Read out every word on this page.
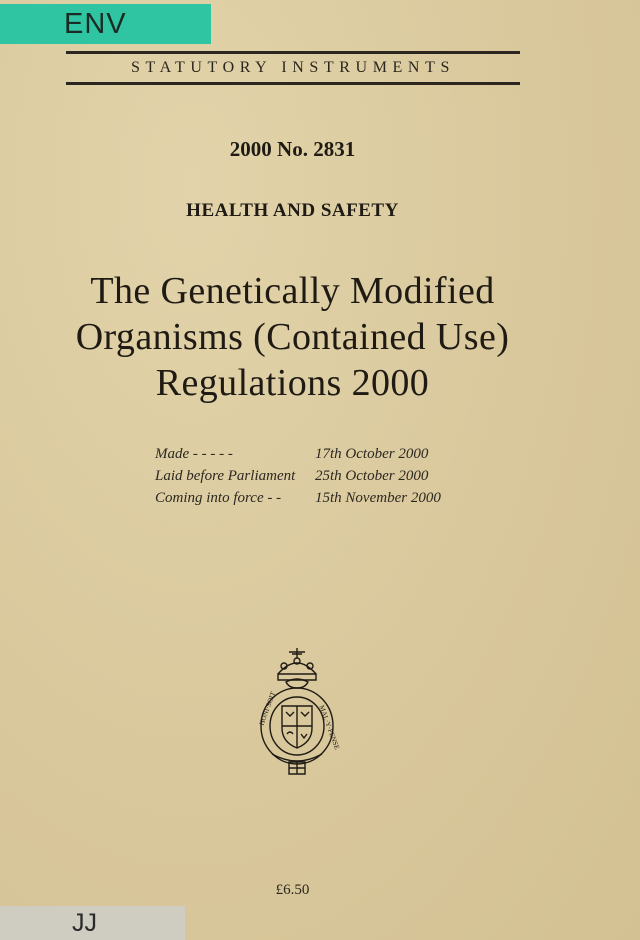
ENV
STATUTORY INSTRUMENTS
2000 No. 2831
HEALTH AND SAFETY
The Genetically Modified
Organisms (Contained Use)
Regulations 2000
Made - - - - -	17th October 2000
Laid before Parliament 25th October 2000
Coming into force - - 15th November 2000
HONI·SOIT	MAL·Y·PENSE
£6.50
JJ
